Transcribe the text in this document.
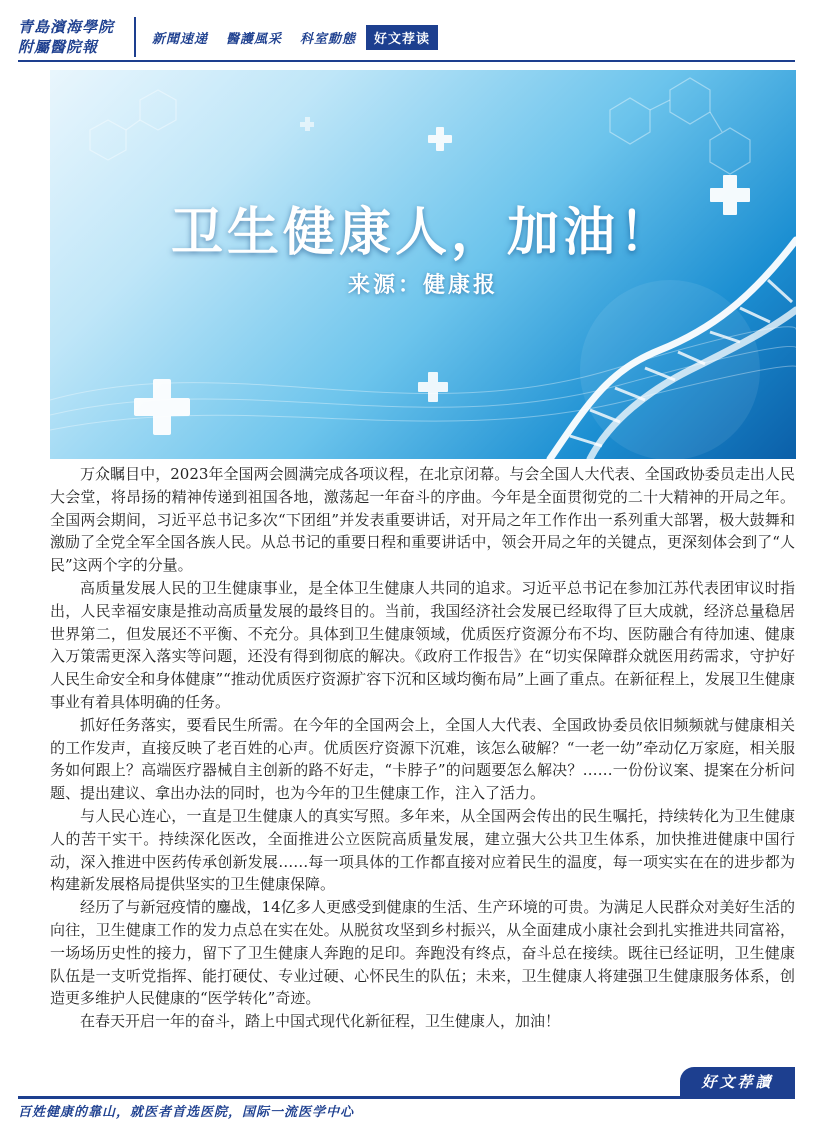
青島濱海學院
附屬醫院報	新聞速递	醫護風采	科室動態	好文荐读
卫生健康人，加油！
来源：健康报

万众瞩目中，2023年全国两会圆满完成各项议程，在北京闭幕。与会全国人大代表、全国政协委员走出人民大会堂，将昂扬的精神传递到祖国各地，激荡起一年奋斗的序曲。今年是全面贯彻党的二十大精神的开局之年。全国两会期间，习近平总书记多次“下团组”并发表重要讲话，对开局之年工作作出一系列重大部署，极大鼓舞和激励了全党全军全国各族人民。从总书记的重要日程和重要讲话中，领会开局之年的关键点，更深刻体会到了“人民”这两个字的分量。

高质量发展人民的卫生健康事业，是全体卫生健康人共同的追求。习近平总书记在参加江苏代表团审议时指出，人民幸福安康是推动高质量发展的最终目的。当前，我国经济社会发展已经取得了巨大成就，经济总量稳居世界第二，但发展还不平衡、不充分。具体到卫生健康领域，优质医疗资源分布不均、医防融合有待加速、健康入万策需更深入落实等问题，还没有得到彻底的解决。《政府工作报告》在“切实保障群众就医用药需求，守护好人民生命安全和身体健康”“推动优质医疗资源扩容下沉和区域均衡布局”上画了重点。在新征程上，发展卫生健康事业有着具体明确的任务。

抓好任务落实，要看民生所需。在今年的全国两会上，全国人大代表、全国政协委员依旧频频就与健康相关的工作发声，直接反映了老百姓的心声。优质医疗资源下沉难，该怎么破解？“一老一幼”牵动亿万家庭，相关服务如何跟上？高端医疗器械自主创新的路不好走，“卡脖子”的问题要怎么解决？……一份份议案、提案在分析问题、提出建议、拿出办法的同时，也为今年的卫生健康工作，注入了活力。

与人民心连心，一直是卫生健康人的真实写照。多年来，从全国两会传出的民生嘱托，持续转化为卫生健康人的苦干实干。持续深化医改，全面推进公立医院高质量发展，建立强大公共卫生体系，加快推进健康中国行动，深入推进中医药传承创新发展……每一项具体的工作都直接对应着民生的温度，每一项实实在在的进步都为构建新发展格局提供坚实的卫生健康保障。

经历了与新冠疫情的鏖战，14亿多人更感受到健康的生活、生产环境的可贵。为满足人民群众对美好生活的向往，卫生健康工作的发力点总在实在处。从脱贫攻坚到乡村振兴，从全面建成小康社会到扎实推进共同富裕，一场场历史性的接力，留下了卫生健康人奔跑的足印。奔跑没有终点，奋斗总在接续。既往已经证明，卫生健康队伍是一支听党指挥、能打硬仗、专业过硬、心怀民生的队伍；未来，卫生健康人将建强卫生健康服务体系，创造更多维护人民健康的“医学转化”奇迹。

在春天开启一年的奋斗，踏上中国式现代化新征程，卫生健康人，加油！

好文荐讀
百姓健康的靠山，就医者首选医院，国际一流医学中心
